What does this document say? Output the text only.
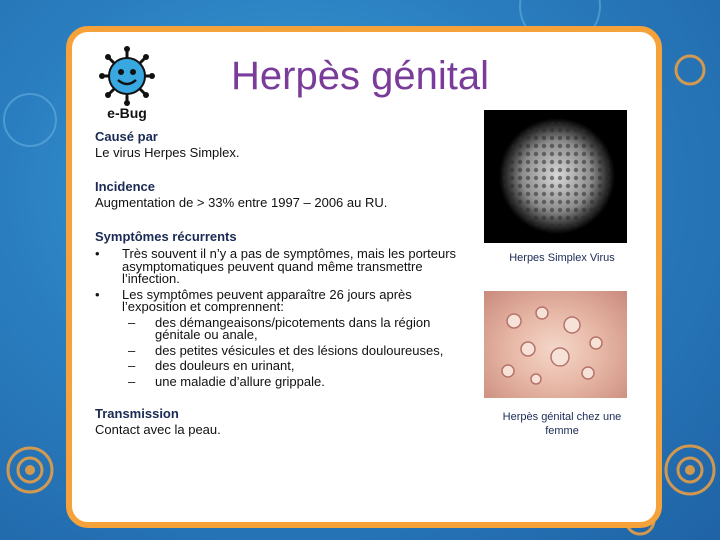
e-Bug
Herpès génital
Causé par
Le virus Herpes Simplex.
Incidence
Augmentation de > 33% entre 1997 – 2006 au RU.
Symptômes récurrents
• Très souvent il n’y a pas de symptômes, mais les porteurs asymptomatiques peuvent quand même transmettre l’infection.
• Les symptômes peuvent apparaître 26 jours après l’exposition et comprennent:
– des démangeaisons/picotements dans la région génitale ou anale,
– des petites vésicules et des lésions douloureuses,
– des douleurs en urinant,
– une maladie d’allure grippale.
Transmission
Contact avec la peau.
Herpes Simplex Virus
Herpès génital chez une femme
